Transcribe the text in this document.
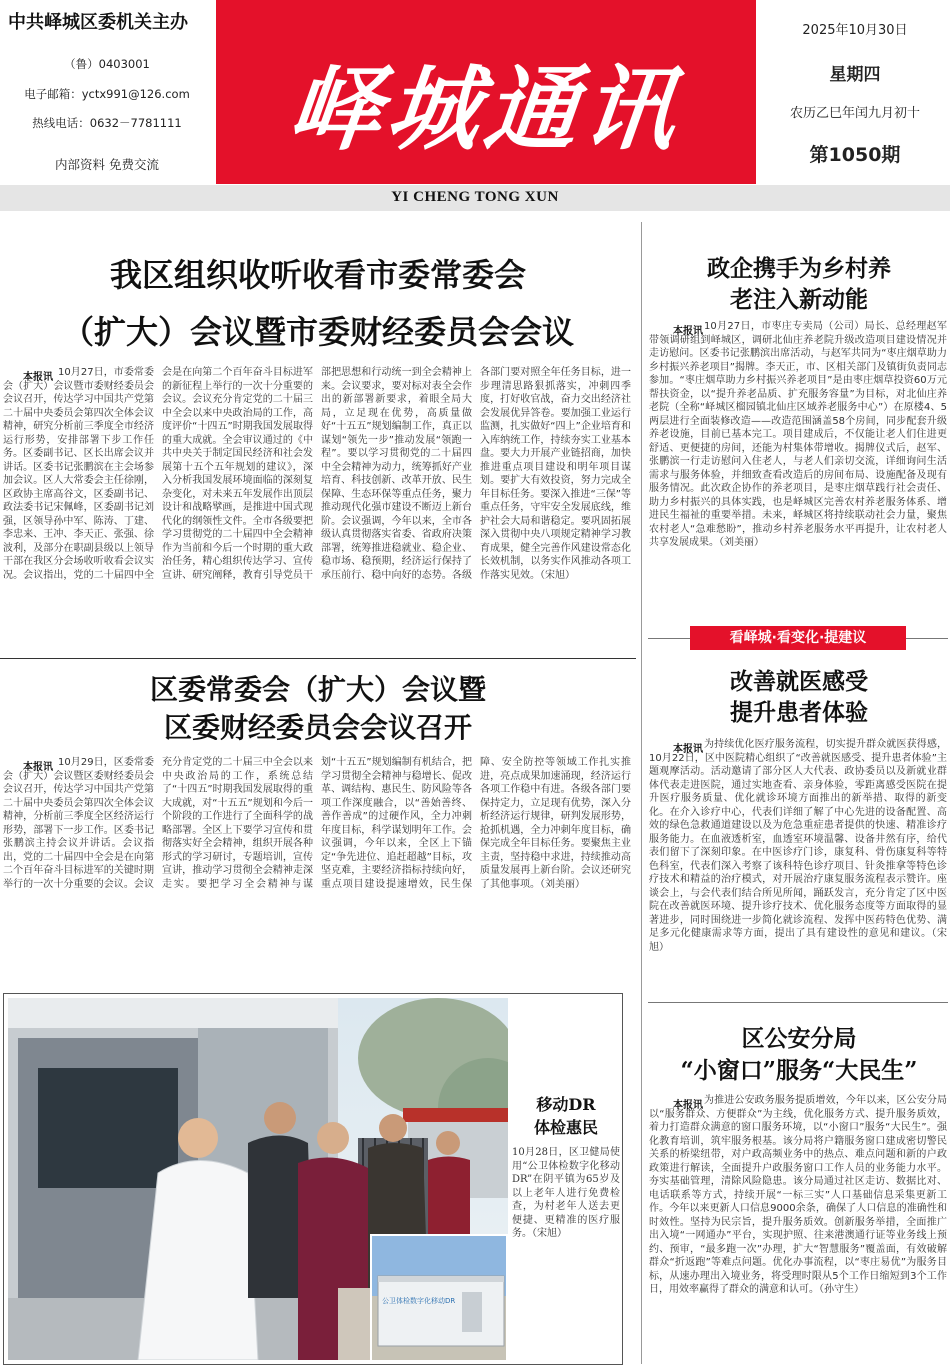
中共峄城区委机关主办
（鲁）0403001
电子邮箱：yctx991@126.com
热线电话：0632－7781111
内部资料 免费交流
峄城通讯
2025年10月30日
星期四
农历乙巳年闰九月初十
第1050期
YI CHENG TONG XUN
我区组织收听收看市委常委会
（扩大）会议暨市委财经委员会会议
本报讯 10月27日，市委常委会（扩大）会议暨市委财经委员会会议召开，传达学习中国共产党第二十届中央委员会第四次全体会议精神，研究分析前三季度全市经济运行形势，安排部署下步工作任务。区委副书记、区长出席会议并讲话。区委书记张鹏滨在主会场参加会议。区人大常委会主任徐刚，区政协主席高谷文，区委副书记、政法委书记宋佩峰，区委副书记刘强，区领导孙中军、陈涛、丁建、李忠来、王冲、李天正、张强、徐波利，及部分在职副县级以上领导干部在我区分会场收听收看会议实况。会议指出，党的二十届四中全会是在向第二个百年奋斗目标进军的新征程上举行的一次十分重要的会议。会议充分肯定党的二十届三中全会以来中央政治局的工作，高度评价“十四五”时期我国发展取得的重大成就。全会审议通过的《中共中央关于制定国民经济和社会发展第十五个五年规划的建议》，深入分析我国发展环境面临的深刻复杂变化，对未来五年发展作出顶层设计和战略擘画，是推进中国式现代化的纲领性文件。全市各级要把学习贯彻党的二十届四中全会精神作为当前和今后一个时期的重大政治任务，精心组织传达学习、宣传宣讲、研究阐释，教育引导党员干部把思想和行动统一到全会精神上来。会议要求，要对标对表全会作出的新部署新要求，着眼全局大局，立足现在优势，高质量做好“十五五”规划编制工作，真正以谋划“领先一步”推动发展“领跑一程”。要以学习贯彻党的二十届四中全会精神为动力，统筹抓好产业培育、科技创新、改革开放、民生保障、生态环保等重点任务，聚力推动现代化强市建设不断迈上新台阶。会议强调，今年以来，全市各级认真贯彻落实省委、省政府决策部署，统筹推进稳就业、稳企业、稳市场、稳预期，经济运行保持了承压前行、稳中向好的态势。各级各部门要对照全年任务目标，进一步理清思路狠抓落实，冲刺四季度，打好收官战，奋力交出经济社会发展优异答卷。要加强工业运行监测，扎实做好“四上”企业培育和入库纳统工作，持续夯实工业基本盘。要大力开展产业链招商，加快推进重点项目建设和明年项目谋划。要扩大有效投资，努力完成全年目标任务。要深入推进“三保”等重点任务，守牢安全发展底线，维护社会大局和谐稳定。要巩固拓展深入贯彻中央八项规定精神学习教育成果，健全完善作风建设常态化长效机制，以务实作风推动各项工作落实见效。（宋旭）

区委常委会（扩大）会议暨
区委财经委员会会议召开
本报讯 10月29日，区委常委会（扩大）会议暨区委财经委员会会议召开，传达学习中国共产党第二十届中央委员会第四次全体会议精神，分析前三季度全区经济运行形势，部署下一步工作。区委书记张鹏滨主持会议并讲话。会议指出，党的二十届四中全会是在向第二个百年奋斗目标进军的关键时期举行的一次十分重要的会议。会议充分肯定党的二十届三中全会以来中央政治局的工作，系统总结了“十四五”时期我国发展取得的重大成就，对“十五五”规划和今后一个阶段的工作进行了全面科学的战略部署。全区上下要学习宣传和贯彻落实好全会精神，组织开展各种形式的学习研讨，专题培训，宣传宣讲，推动学习贯彻全会精神走深走实。要把学习全会精神与谋划“十五五”规划编制有机结合，把学习贯彻全会精神与稳增长、促改革、调结构、惠民生、防风险等各项工作深度融合，以“善始善终、善作善成”的过硬作风，全力冲刺年度目标，科学谋划明年工作。会议强调，今年以来，全区上下锚定“争先进位、追赶超越”目标，攻坚克难，主要经济指标持续向好，重点项目建设提速增效，民生保障、安全防控等领域工作扎实推进，亮点成果加速涌现，经济运行各项工作稳中有进。各级各部门要保持定力，立足现有优势，深入分析经济运行规律，研判发展形势，抢抓机遇，全力冲刺年度目标，确保完成全年目标任务。要聚焦主业主责，坚持稳中求进，持续推动高质量发展再上新台阶。会议还研究了其他事项。（刘美丽）

政企携手为乡村养
老注入新动能
本报讯 10月27日，市枣庄专卖局（公司）局长、总经理赵军带领调研组到峄城区，调研北仙庄养老院升级改造项目建设情况并走访慰问。区委书记张鹏滨出席活动，与赵军共同为“枣庄烟草助力乡村振兴养老项目”揭牌。李天正，市、区相关部门及镇街负责同志参加。“枣庄烟草助力乡村振兴养老项目”是由枣庄烟草投资60万元帮扶资金，以“提升养老品质、扩充服务容量”为目标，对北仙庄养老院（全称“峄城区榴园镇北仙庄区域养老服务中心”）在原楼4、5两层进行全面装修改造——改造范围涵盖58个房间，同步配套升级养老设施，目前已基本完工。项目建成后，不仅能让老人们住进更舒适、更便捷的房间，还能为村集体带增收。揭牌仪式后，赵军、张鹏滨一行走访慰问入住老人，与老人们亲切交流，详细询问生活需求与服务体验，并细致查看改造后的房间布局、设施配备及现有服务情况。此次政企协作的养老项目，是枣庄烟草践行社会责任、助力乡村振兴的具体实践，也是峄城区完善农村养老服务体系、增进民生福祉的重要举措。未来，峄城区将持续联动社会力量，聚焦农村老人“急难愁盼”，推动乡村养老服务水平再提升，让农村老人共享发展成果。（刘美丽）

看峄城·看变化·提建议
改善就医感受
提升患者体验
本报讯 为持续优化医疗服务流程，切实提升群众就医获得感，10月22日，区中医院精心组织了“改善就医感受、提升患者体验”主题观摩活动。活动邀请了部分区人大代表、政协委员以及新就业群体代表走进医院，通过实地查看、亲身体验，零距离感受医院在提升医疗服务质量、优化就诊环境方面推出的新举措、取得的新变化。在介入诊疗中心，代表们详细了解了中心先进的设备配置、高效的绿色急救通道建设以及为危急重症患者提供的快速、精准诊疗服务能力。在血液透析室，血透室环境温馨、设备井然有序，给代表们留下了深刻印象。在中医诊疗门诊，康复科、骨伤康复科等特色科室，代表们深入考察了该科特色诊疗项目、针灸推拿等特色诊疗技术和精益的治疗模式，对开展治疗康复服务流程表示赞许。座谈会上，与会代表们结合所见所闻，踊跃发言，充分肯定了区中医院在改善就医环境、提升诊疗技术、优化服务态度等方面取得的显著进步，同时围绕进一步简化就诊流程、发挥中医药特色优势、满足多元化健康需求等方面，提出了具有建设性的意见和建议。（宋旭）

区公安分局
“小窗口”服务“大民生”
本报讯 为推进公安政务服务提质增效，今年以来，区公安分局以“服务群众、方便群众”为主线，优化服务方式、提升服务质效，着力打造群众满意的窗口服务环境，以“小窗口”服务“大民生”。强化教育培训，筑牢服务根基。该分局将户籍服务窗口建成密切警民关系的桥梁纽带，对户政高频业务中的热点、难点问题和新的户政政策进行解读，全面提升户政服务窗口工作人员的业务能力水平。夯实基础管理，清除风险隐患。该分局通过社区走访、数据比对、电话联系等方式，持续开展“一标三实”人口基础信息采集更新工作。今年以来更新人口信息9000余条，确保了人口信息的准确性和时效性。坚持为民宗旨，提升服务质效。创新服务举措，全面推广出入境“一网通办”平台，实现护照、往来港澳通行证等业务线上预约、预审，“最多跑一次”办理，扩大“智慧服务”覆盖面，有效破解群众“折返跑”等难点问题。优化办事流程，以“枣庄易优”为服务目标，从速办理出入境业务，将受理时限从5个工作日缩短到3个工作日，用效率赢得了群众的满意和认可。（孙守生）

移动DR
体检惠民
10月28日，区卫健局使用“公卫体检数字化移动DR”在阴平镇为65岁及以上老年人进行免费检查，为村老年人送去更便捷、更精准的医疗服务。（宋旭）
公卫体检数字化移动DR
